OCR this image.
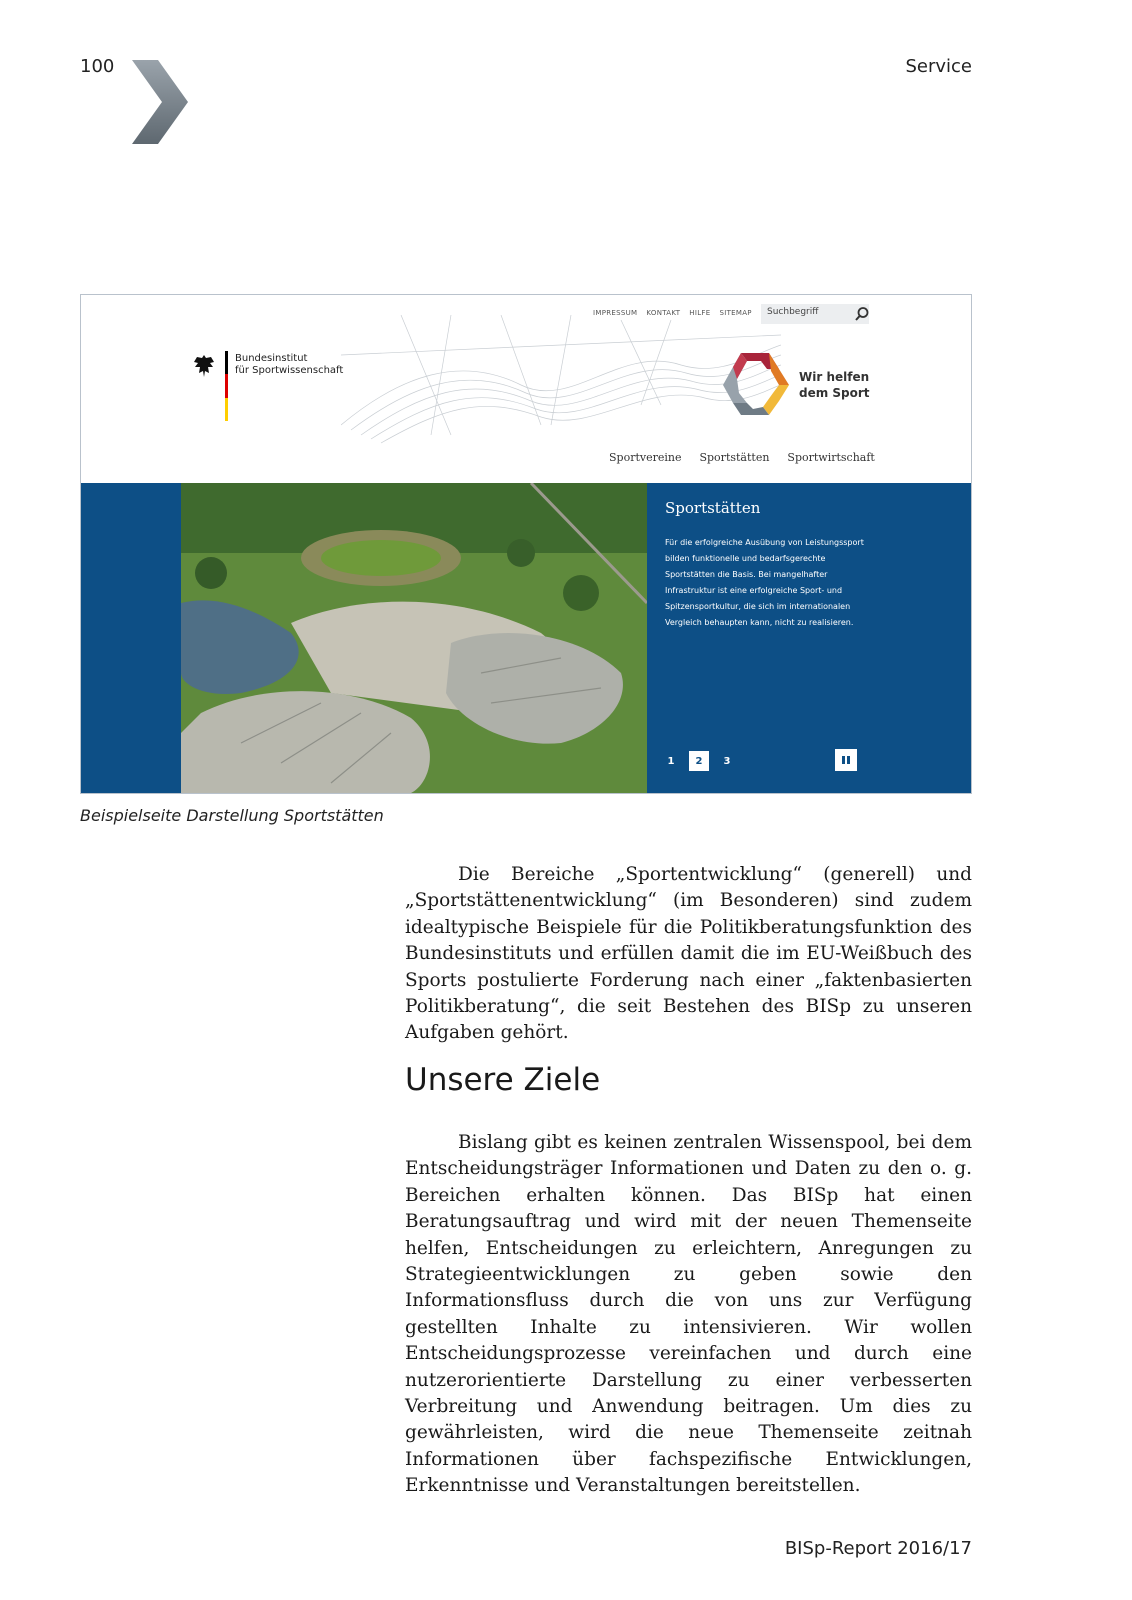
100	Service
IMPRESSUM KONTAKT HILFE SITEMAP	Suchbegriff
Bundesinstitut
für Sportwissenschaft	Wir helfen
dem Sport
Sportvereine Sportstätten Sportwirtschaft
Sportstätten
Für die erfolgreiche Ausübung von Leistungssport bilden funktionelle und bedarfsgerechte Sportstätten die Basis. Bei mangelhafter Infrastruktur ist eine erfolgreiche Sport- und Spitzensportkultur, die sich im internationalen Vergleich behaupten kann, nicht zu realisieren.
1	2	3
Beispielseite Darstellung Sportstätten
Die Bereiche „Sportentwicklung“ (generell) und „Sportstättenentwicklung“ (im Besonderen) sind zudem idealtypische Beispiele für die Politikberatungsfunktion des Bundesinstituts und erfüllen damit die im EU-Weißbuch des Sports postulierte Forderung nach einer „faktenbasierten Politikberatung“, die seit Bestehen des BISp zu unseren Aufgaben gehört.
Unsere Ziele
Bislang gibt es keinen zentralen Wissenspool, bei dem Entscheidungsträger Informationen und Daten zu den o. g. Bereichen erhalten können. Das BISp hat einen Beratungsauftrag und wird mit der neuen Themenseite helfen, Entscheidungen zu erleichtern, Anregungen zu Strategieentwicklungen zu geben sowie den Informationsfluss durch die von uns zur Verfügung gestellten Inhalte zu intensivieren. Wir wollen Entscheidungsprozesse vereinfachen und durch eine nutzerorientierte Darstellung zu einer verbesserten Verbreitung und Anwendung beitragen. Um dies zu gewährleisten, wird die neue Themenseite zeitnah Informationen über fachspezifische Entwicklungen, Erkenntnisse und Veranstaltungen bereitstellen.
BISp-Report 2016/17
